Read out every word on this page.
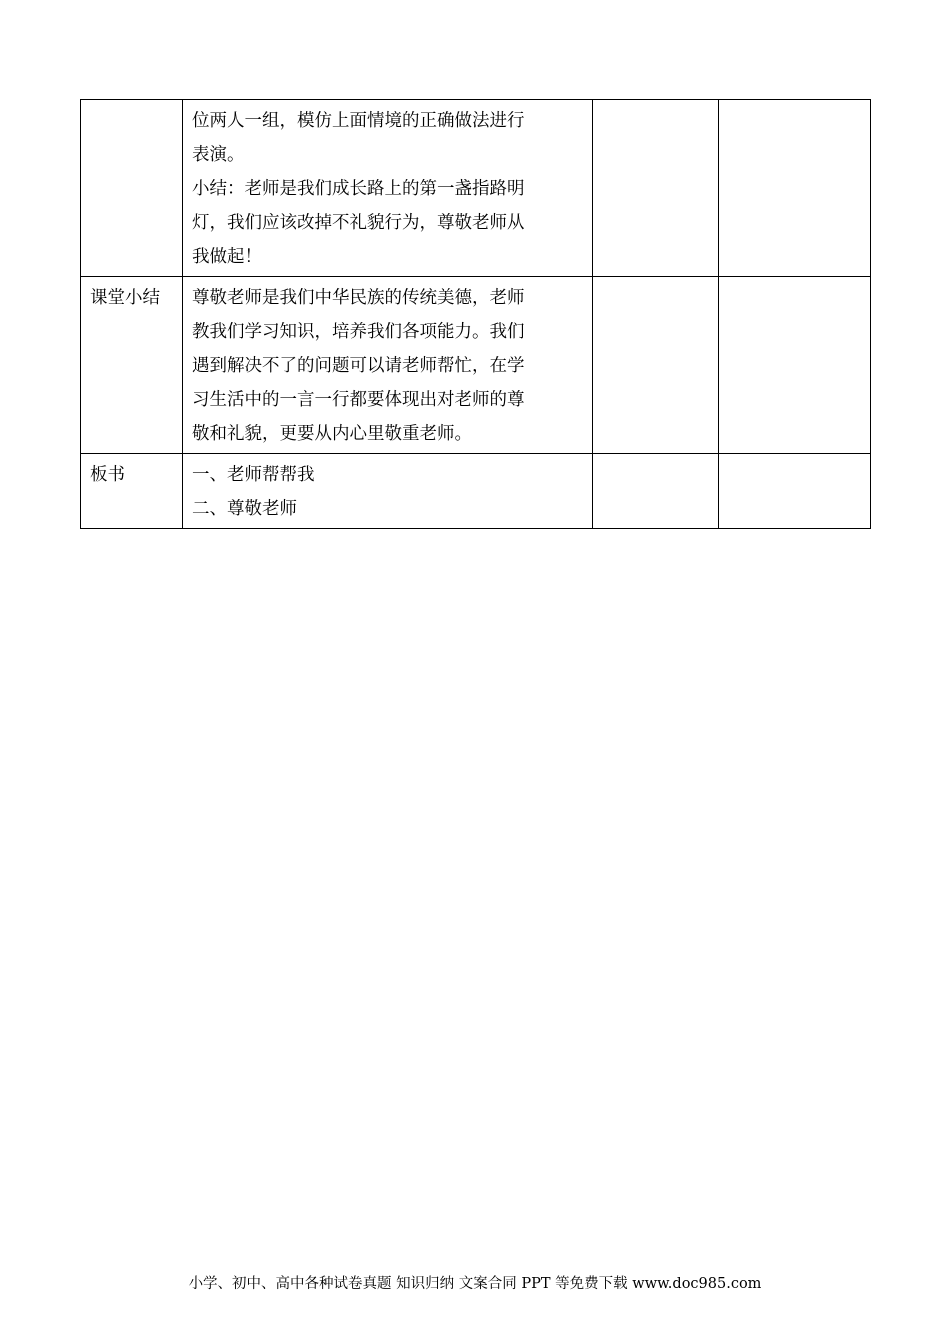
	位两人一组，模仿上面情境的正确做法进行
表演。
小结：老师是我们成长路上的第一盏指路明
灯，我们应该改掉不礼貌行为，尊敬老师从
我做起！		

课堂小结	尊敬老师是我们中华民族的传统美德，老师
教我们学习知识，培养我们各项能力。我们
遇到解决不了的问题可以请老师帮忙，在学
习生活中的一言一行都要体现出对老师的尊
敬和礼貌，更要从内心里敬重老师。		

板书	一、老师帮帮我
二、尊敬老师		

小学、初中、高中各种试卷真题 知识归纳 文案合同 PPT 等免费下载 www.doc985.com
